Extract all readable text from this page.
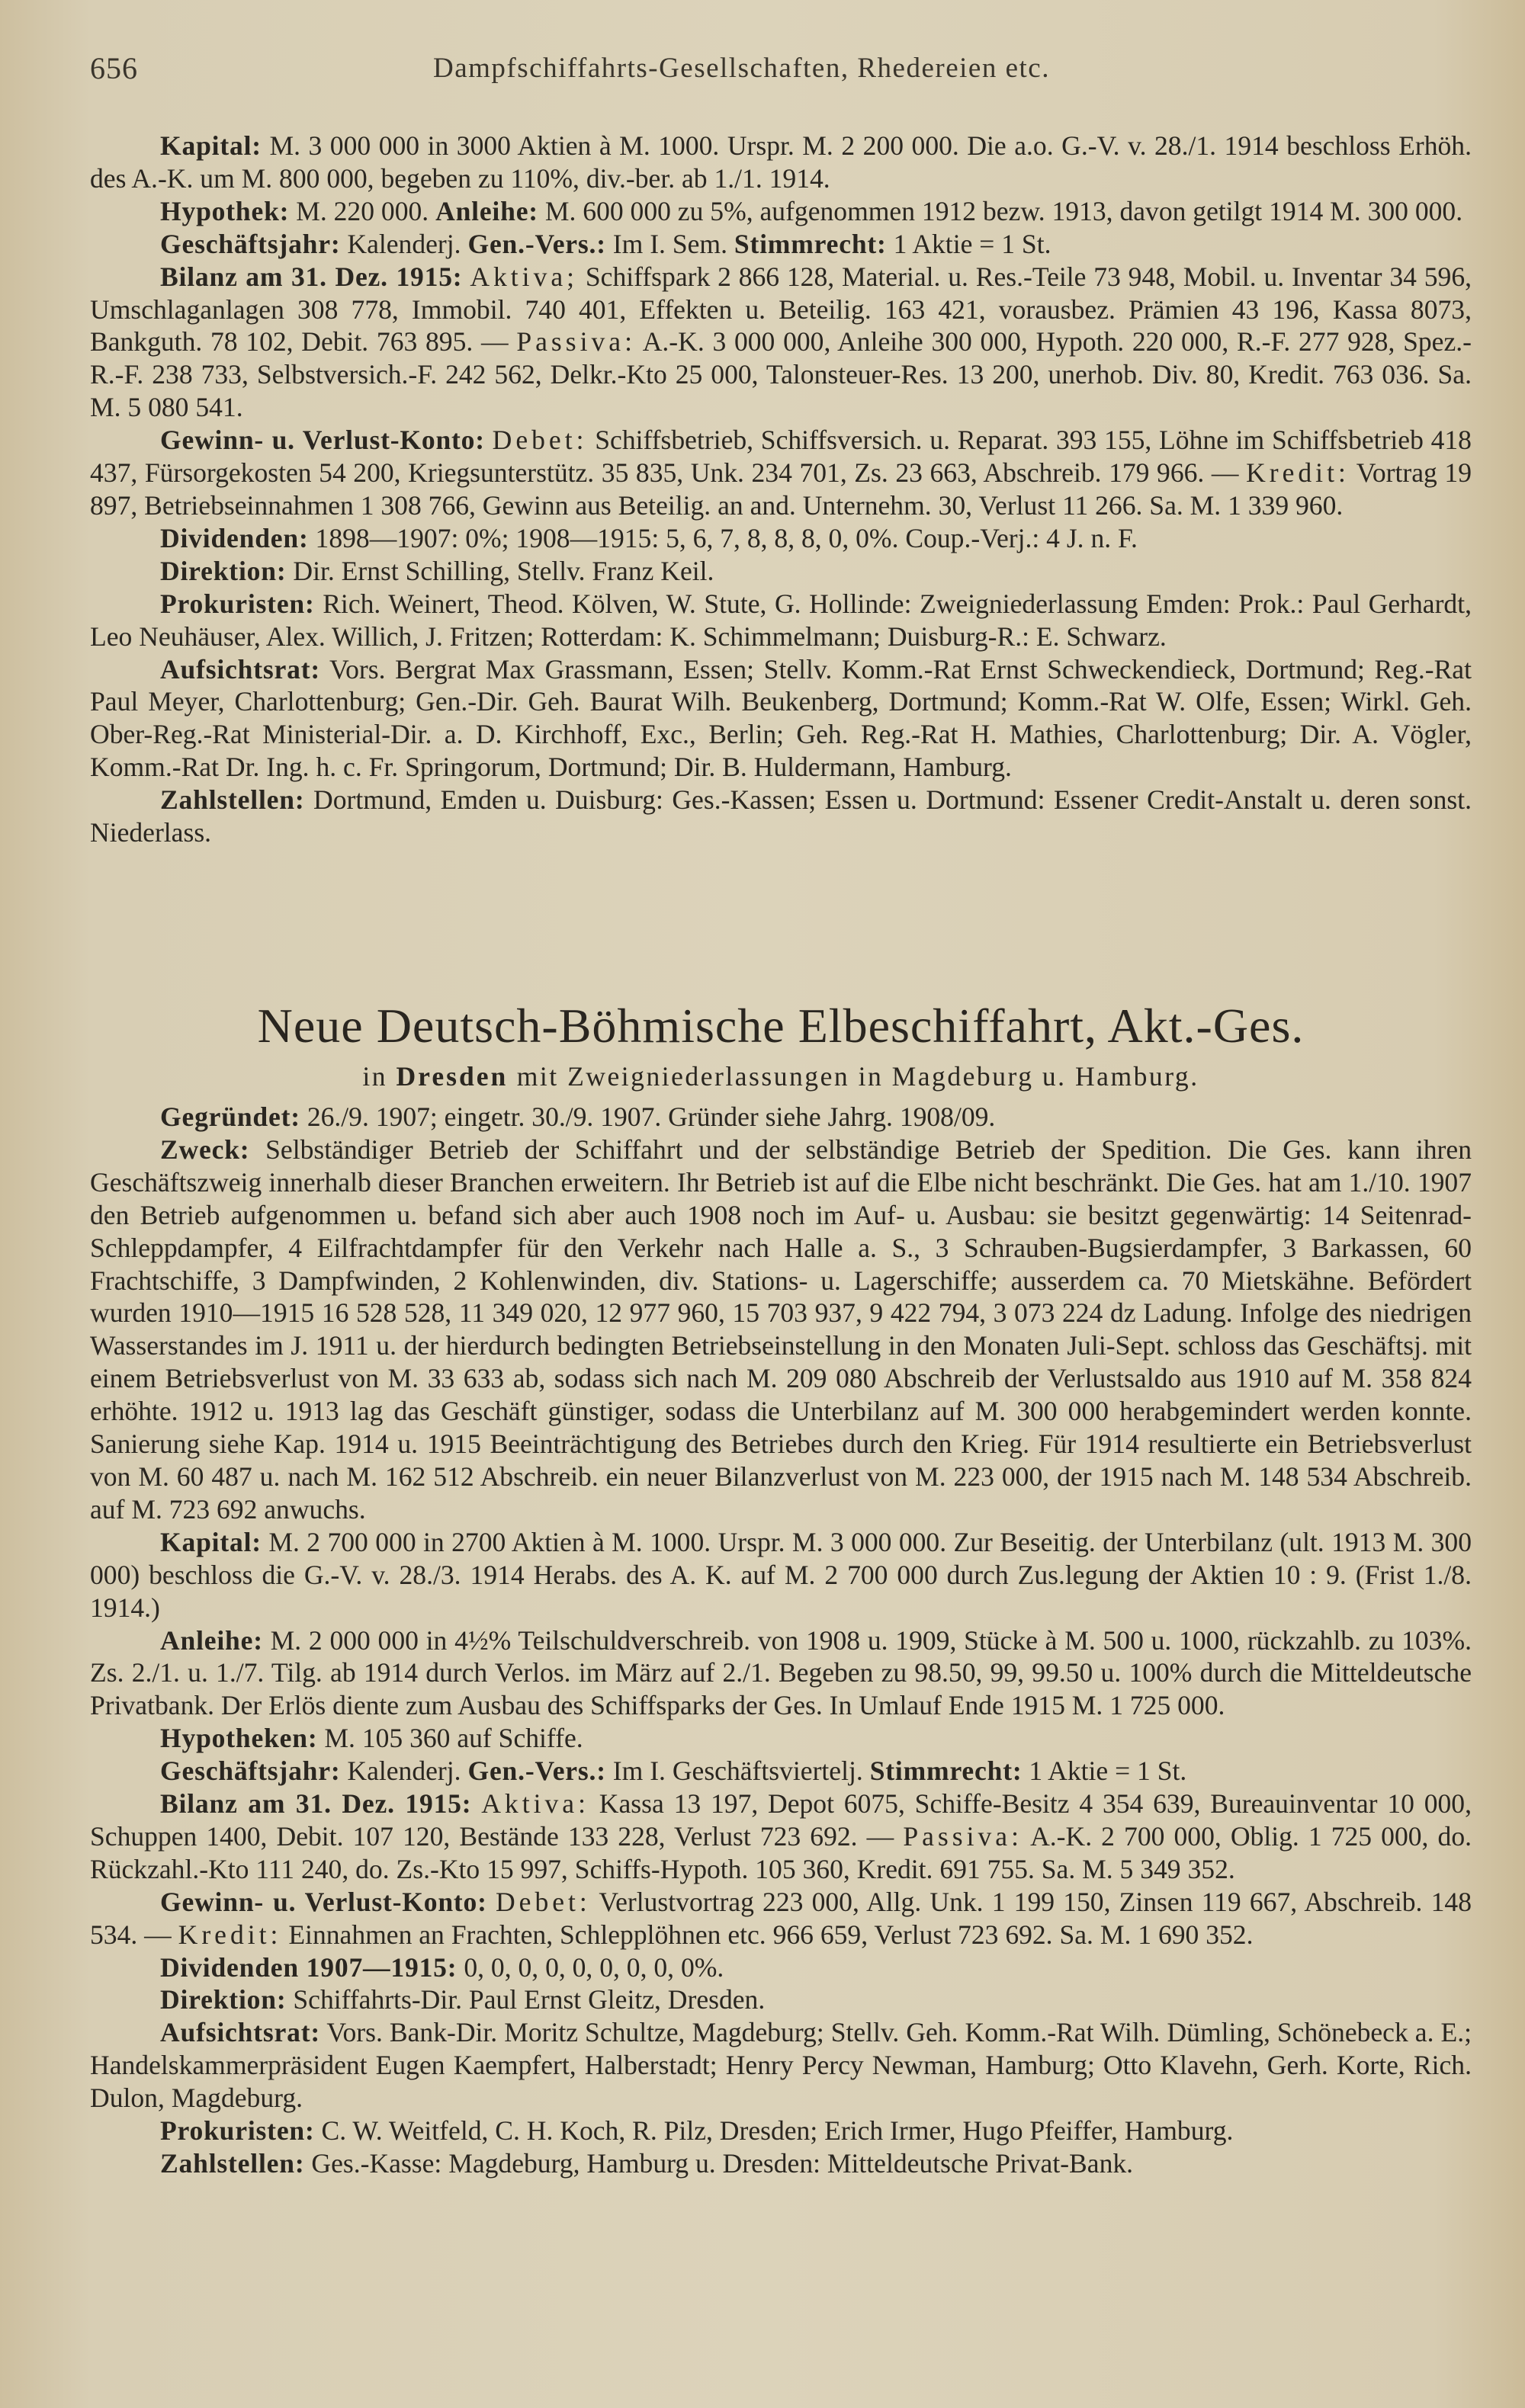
656	Dampfschiffahrts-Gesellschaften, Rhedereien etc.

Kapital: M. 3 000 000 in 3000 Aktien à M. 1000. Urspr. M. 2 200 000. Die a.o. G.-V. v. 28./1. 1914 beschloss Erhöh. des A.-K. um M. 800 000, begeben zu 110%, div.-ber. ab 1./1. 1914.

Hypothek: M. 220 000. Anleihe: M. 600 000 zu 5%, aufgenommen 1912 bezw. 1913, davon getilgt 1914 M. 300 000.

Geschäftsjahr: Kalenderj. Gen.-Vers.: Im I. Sem. Stimmrecht: 1 Aktie = 1 St.

Bilanz am 31. Dez. 1915: Aktiva; Schiffspark 2 866 128, Material. u. Res.-Teile 73 948, Mobil. u. Inventar 34 596, Umschlaganlagen 308 778, Immobil. 740 401, Effekten u. Beteilig. 163 421, vorausbez. Prämien 43 196, Kassa 8073, Bankguth. 78 102, Debit. 763 895. — Passiva: A.-K. 3 000 000, Anleihe 300 000, Hypoth. 220 000, R.-F. 277 928, Spez.-R.-F. 238 733, Selbstversich.-F. 242 562, Delkr.-Kto 25 000, Talonsteuer-Res. 13 200, unerhob. Div. 80, Kredit. 763 036. Sa. M. 5 080 541.

Gewinn- u. Verlust-Konto: Debet: Schiffsbetrieb, Schiffsversich. u. Reparat. 393 155, Löhne im Schiffsbetrieb 418 437, Fürsorgekosten 54 200, Kriegsunterstütz. 35 835, Unk. 234 701, Zs. 23 663, Abschreib. 179 966. — Kredit: Vortrag 19 897, Betriebseinnahmen 1 308 766, Gewinn aus Beteilig. an and. Unternehm. 30, Verlust 11 266. Sa. M. 1 339 960.

Dividenden: 1898—1907: 0%; 1908—1915: 5, 6, 7, 8, 8, 8, 0, 0%. Coup.-Verj.: 4 J. n. F.

Direktion: Dir. Ernst Schilling, Stellv. Franz Keil.

Prokuristen: Rich. Weinert, Theod. Kölven, W. Stute, G. Hollinde: Zweigniederlassung Emden: Prok.: Paul Gerhardt, Leo Neuhäuser, Alex. Willich, J. Fritzen; Rotterdam: K. Schimmelmann; Duisburg-R.: E. Schwarz.

Aufsichtsrat: Vors. Bergrat Max Grassmann, Essen; Stellv. Komm.-Rat Ernst Schweckendieck, Dortmund; Reg.-Rat Paul Meyer, Charlottenburg; Gen.-Dir. Geh. Baurat Wilh. Beukenberg, Dortmund; Komm.-Rat W. Olfe, Essen; Wirkl. Geh. Ober-Reg.-Rat Ministerial-Dir. a. D. Kirchhoff, Exc., Berlin; Geh. Reg.-Rat H. Mathies, Charlottenburg; Dir. A. Vögler, Komm.-Rat Dr. Ing. h. c. Fr. Springorum, Dortmund; Dir. B. Huldermann, Hamburg.

Zahlstellen: Dortmund, Emden u. Duisburg: Ges.-Kassen; Essen u. Dortmund: Essener Credit-Anstalt u. deren sonst. Niederlass.

Neue Deutsch-Böhmische Elbeschiffahrt, Akt.-Ges.

in Dresden mit Zweigniederlassungen in Magdeburg u. Hamburg.

Gegründet: 26./9. 1907; eingetr. 30./9. 1907. Gründer siehe Jahrg. 1908/09.

Zweck: Selbständiger Betrieb der Schiffahrt und der selbständige Betrieb der Spedition. Die Ges. kann ihren Geschäftszweig innerhalb dieser Branchen erweitern. Ihr Betrieb ist auf die Elbe nicht beschränkt. Die Ges. hat am 1./10. 1907 den Betrieb aufgenommen u. befand sich aber auch 1908 noch im Auf- u. Ausbau: sie besitzt gegenwärtig: 14 Seitenrad-Schleppdampfer, 4 Eilfrachtdampfer für den Verkehr nach Halle a. S., 3 Schrauben-Bugsierdampfer, 3 Barkassen, 60 Frachtschiffe, 3 Dampfwinden, 2 Kohlenwinden, div. Stations- u. Lagerschiffe; ausserdem ca. 70 Mietskähne. Befördert wurden 1910—1915 16 528 528, 11 349 020, 12 977 960, 15 703 937, 9 422 794, 3 073 224 dz Ladung. Infolge des niedrigen Wasserstandes im J. 1911 u. der hierdurch bedingten Betriebseinstellung in den Monaten Juli-Sept. schloss das Geschäftsj. mit einem Betriebsverlust von M. 33 633 ab, sodass sich nach M. 209 080 Abschreib der Verlustsaldo aus 1910 auf M. 358 824 erhöhte. 1912 u. 1913 lag das Geschäft günstiger, sodass die Unterbilanz auf M. 300 000 herabgemindert werden konnte. Sanierung siehe Kap. 1914 u. 1915 Beeinträchtigung des Betriebes durch den Krieg. Für 1914 resultierte ein Betriebsverlust von M. 60 487 u. nach M. 162 512 Abschreib. ein neuer Bilanzverlust von M. 223 000, der 1915 nach M. 148 534 Abschreib. auf M. 723 692 anwuchs.

Kapital: M. 2 700 000 in 2700 Aktien à M. 1000. Urspr. M. 3 000 000. Zur Beseitig. der Unterbilanz (ult. 1913 M. 300 000) beschloss die G.-V. v. 28./3. 1914 Herabs. des A. K. auf M. 2 700 000 durch Zus.legung der Aktien 10 : 9. (Frist 1./8. 1914.)

Anleihe: M. 2 000 000 in 4½% Teilschuldverschreib. von 1908 u. 1909, Stücke à M. 500 u. 1000, rückzahlb. zu 103%. Zs. 2./1. u. 1./7. Tilg. ab 1914 durch Verlos. im März auf 2./1. Begeben zu 98.50, 99, 99.50 u. 100% durch die Mitteldeutsche Privatbank. Der Erlös diente zum Ausbau des Schiffsparks der Ges. In Umlauf Ende 1915 M. 1 725 000.

Hypotheken: M. 105 360 auf Schiffe.

Geschäftsjahr: Kalenderj. Gen.-Vers.: Im I. Geschäftsviertelj. Stimmrecht: 1 Aktie = 1 St.

Bilanz am 31. Dez. 1915: Aktiva: Kassa 13 197, Depot 6075, Schiffe-Besitz 4 354 639, Bureauinventar 10 000, Schuppen 1400, Debit. 107 120, Bestände 133 228, Verlust 723 692. — Passiva: A.-K. 2 700 000, Oblig. 1 725 000, do. Rückzahl.-Kto 111 240, do. Zs.-Kto 15 997, Schiffs-Hypoth. 105 360, Kredit. 691 755. Sa. M. 5 349 352.

Gewinn- u. Verlust-Konto: Debet: Verlustvortrag 223 000, Allg. Unk. 1 199 150, Zinsen 119 667, Abschreib. 148 534. — Kredit: Einnahmen an Frachten, Schlepplöhnen etc. 966 659, Verlust 723 692. Sa. M. 1 690 352.

Dividenden 1907—1915: 0, 0, 0, 0, 0, 0, 0, 0, 0%.

Direktion: Schiffahrts-Dir. Paul Ernst Gleitz, Dresden.

Aufsichtsrat: Vors. Bank-Dir. Moritz Schultze, Magdeburg; Stellv. Geh. Komm.-Rat Wilh. Dümling, Schönebeck a. E.; Handelskammerpräsident Eugen Kaempfert, Halberstadt; Henry Percy Newman, Hamburg; Otto Klavehn, Gerh. Korte, Rich. Dulon, Magdeburg.

Prokuristen: C. W. Weitfeld, C. H. Koch, R. Pilz, Dresden; Erich Irmer, Hugo Pfeiffer, Hamburg.

Zahlstellen: Ges.-Kasse: Magdeburg, Hamburg u. Dresden: Mitteldeutsche Privat-Bank.
